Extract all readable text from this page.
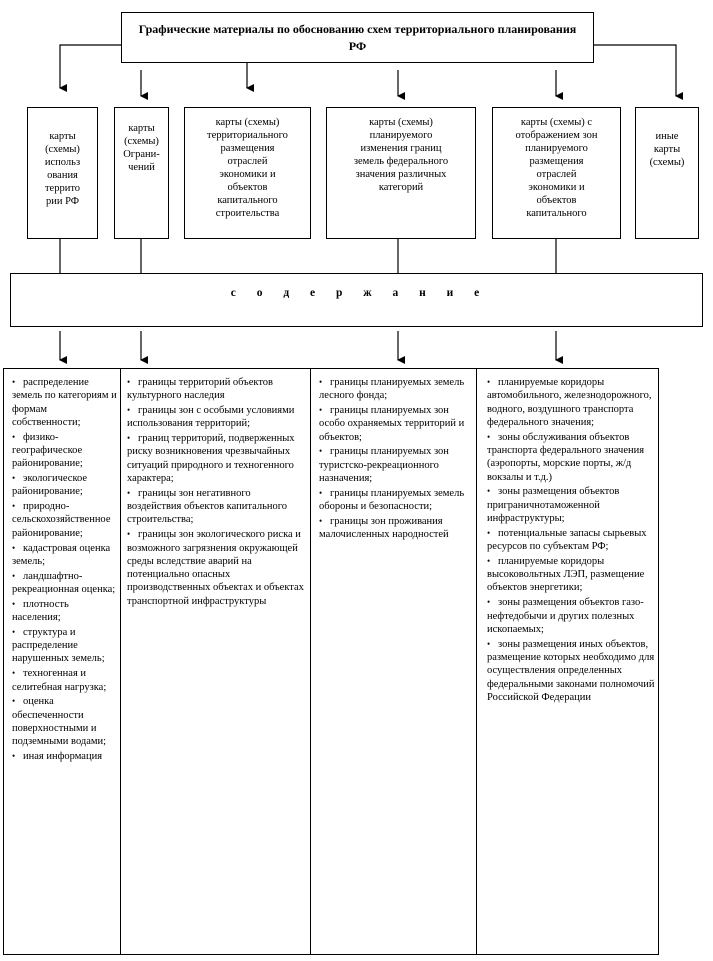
Графические материалы по обоснованию схем территориального планирования РФ
карты
(схемы)
использ
ования
террито
рии РФ
карты
(схемы)
Ограни-
чений
карты (схемы)
территориального
размещения
отраслей
экономики и
объектов
капитального
строительства
карты (схемы)
планируемого
изменения границ
земель федерального
значения различных
категорий
карты (схемы) с
отображением зон
планируемого
размещения
отраслей
экономики и
объектов
капитального
иные
карты
(схемы)
с о д е р ж а н и е
• распределение земель по категориям и формам собственности;
• физико-географическое районирование;
• экологическое районирование;
• природно-сельскохозяйственное районирование;
• кадастровая оценка земель;
• ландшафтно-рекреационная оценка;
• плотность населения;
• структура и распределение нарушенных земель;
• техногенная и селитебная нагрузка;
• оценка обеспеченности поверхностными и подземными водами;
• иная информация
• границы территорий объектов культурного наследия
• границы зон с особыми условиями использования территорий;
• границ территорий, подверженных риску возникновения чрезвычайных ситуаций природного и техногенного характера;
• границы зон негативного воздействия объектов капитального строительства;
• границы зон экологического риска и возможного загрязнения окружающей среды вследствие аварий на потенциально опасных производственных объектах и объектах транспортной инфраструктуры
• границы планируемых земель лесного фонда;
• границы планируемых зон особо охраняемых территорий и объектов;
• границы планируемых зон туристско-рекреационного назначения;
• границы планируемых земель обороны и безопасности;
• границы зон проживания малочисленных народностей
• планируемые коридоры автомобильного, железнодорожного, водного, воздушного транспорта федерального значения;
• зоны обслуживания объектов транспорта федерального значения (аэропорты, морские порты, ж/д вокзалы и т.д.)
• зоны размещения объектов приграничнотаможенной инфраструктуры;
• потенциальные запасы сырьевых ресурсов по субъектам РФ;
• планируемые коридоры высоковольтных ЛЭП, размещение объектов энергетики;
• зоны размещения объектов газо- нефтедобычи и других полезных ископаемых;
• зоны размещения иных объектов, размещение которых необходимо для осуществления определенных федеральными законами полномочий Российской Федерации
